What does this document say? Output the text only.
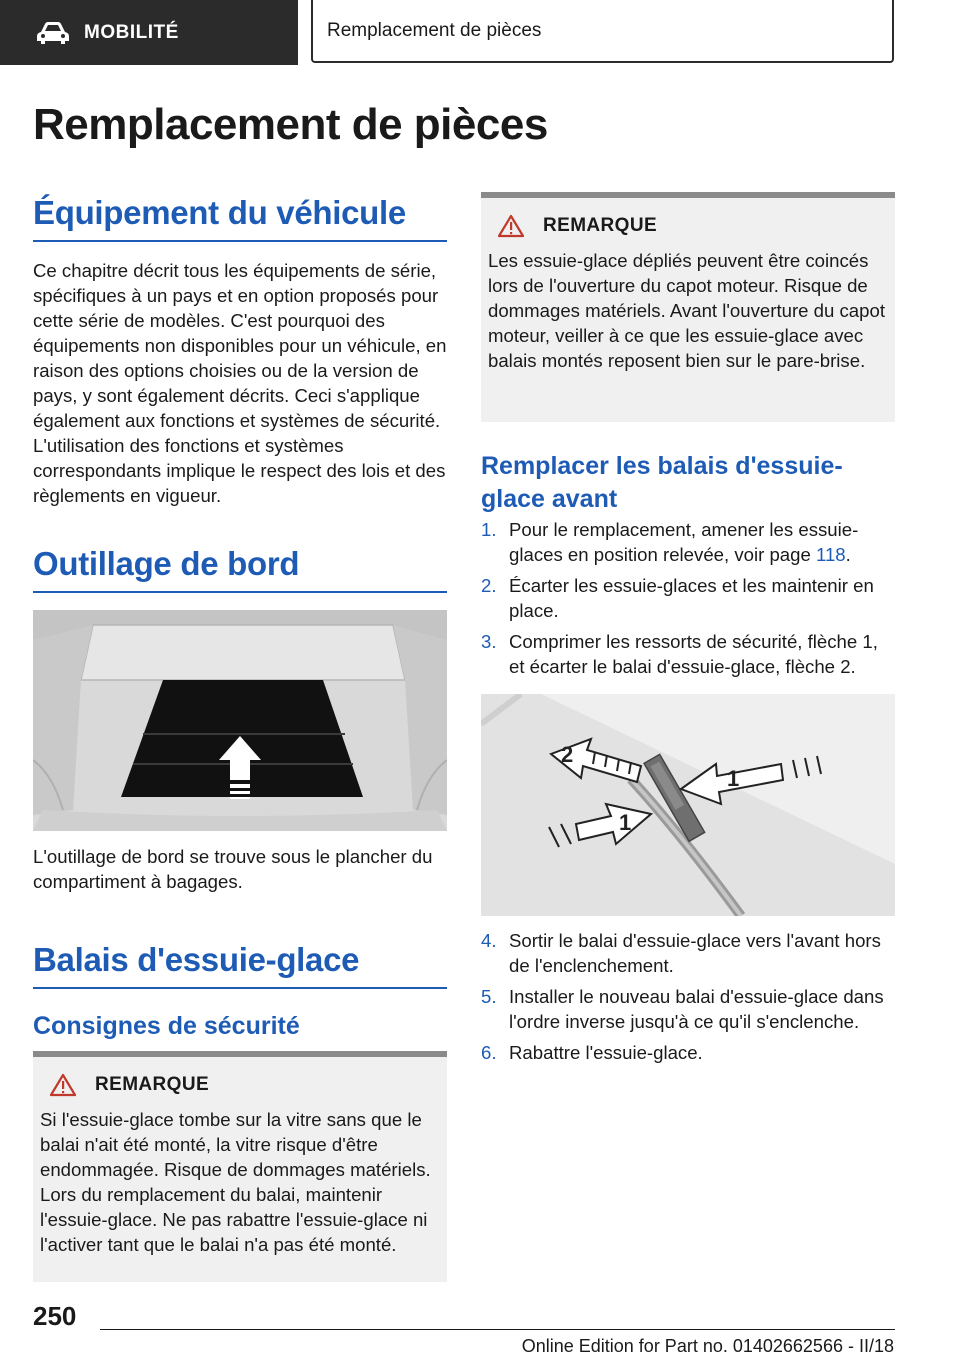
MOBILITÉ	Remplacement de pièces
Remplacement de pièces
Équipement du véhicule

Ce chapitre décrit tous les équipements de série, spécifiques à un pays et en option proposés pour cette série de modèles. C'est pourquoi des équipements non disponibles pour un véhicule, en raison des options choisies ou de la version de pays, y sont également décrits. Ceci s'applique également aux fonctions et systèmes de sécurité. L'utilisation des fonctions et systèmes correspondants implique le respect des lois et des règlements en vigueur.

Outillage de bord

L'outillage de bord se trouve sous le plancher du compartiment à bagages.

Balais d'essuie-glace
Consignes de sécurité
REMARQUE

Si l'essuie-glace tombe sur la vitre sans que le balai n'ait été monté, la vitre risque d'être endommagée. Risque de dommages matériels. Lors du remplacement du balai, maintenir l'essuie-glace. Ne pas rabattre l'essuie-glace ni l'activer tant que le balai n'a pas été monté.

REMARQUE

Les essuie-glace dépliés peuvent être coincés lors de l'ouverture du capot moteur. Risque de dommages matériels. Avant l'ouverture du capot moteur, veiller à ce que les essuie-glace avec balais montés reposent bien sur le pare-brise.

Remplacer les balais d'essuie-glace avant
1. Pour le remplacement, amener les essuie-glaces en position relevée, voir page 118.
2. Écarter les essuie-glaces et les maintenir en place.
3. Comprimer les ressorts de sécurité, flèche 1, et écarter le balai d'essuie-glace, flèche 2.
2
1
1
4. Sortir le balai d'essuie-glace vers l'avant hors de l'enclenchement.
5. Installer le nouveau balai d'essuie-glace dans l'ordre inverse jusqu'à ce qu'il s'enclenche.
6. Rabattre l'essuie-glace.

250

Online Edition for Part no. 01402662566 - II/18
